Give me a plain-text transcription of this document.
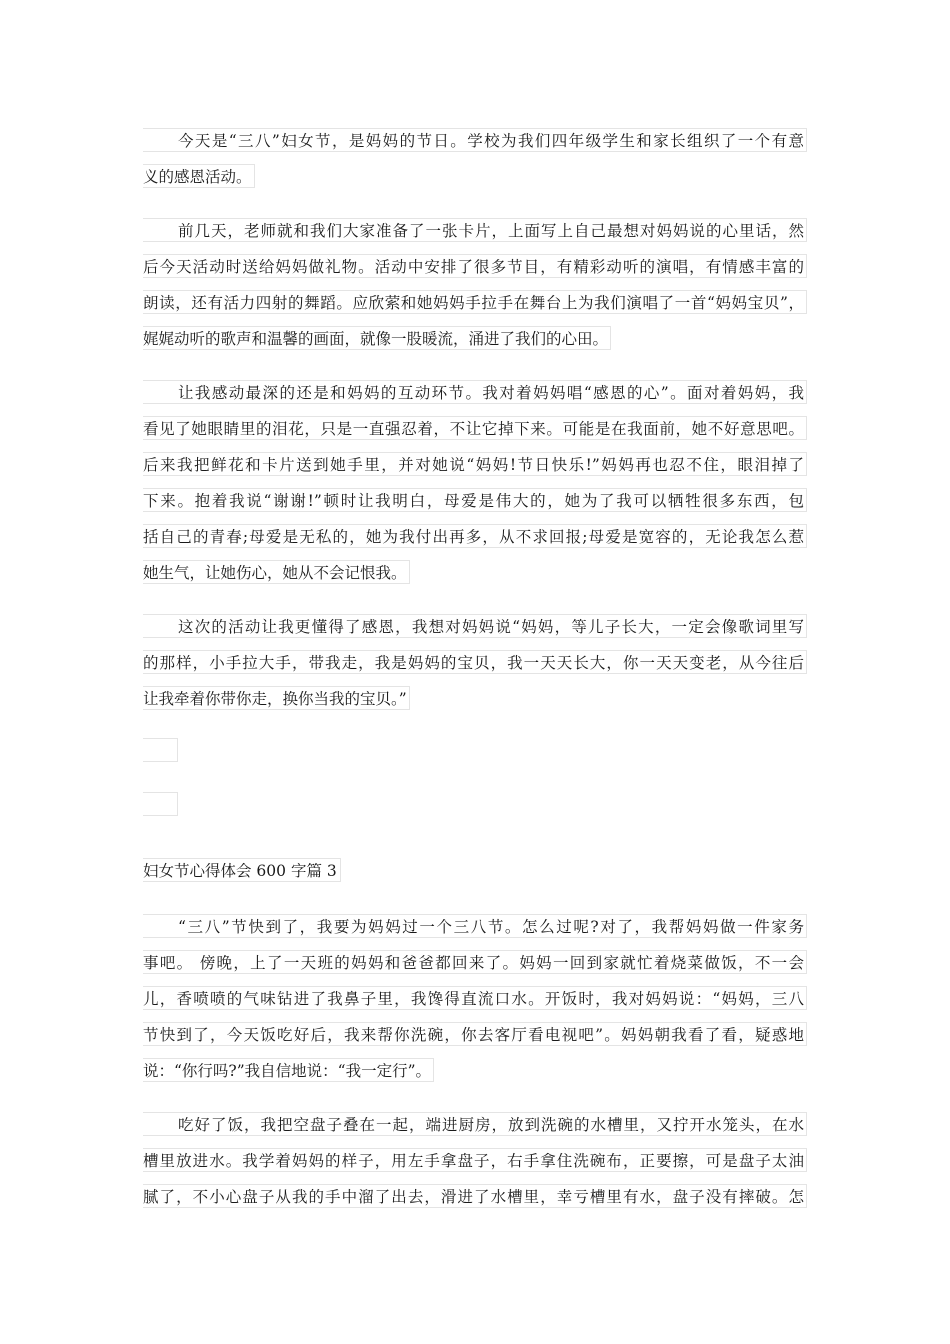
今天是“三八”妇女节，是妈妈的节日。学校为我们四年级学生和家长组织了一个有意
义的感恩活动。
前几天，老师就和我们大家准备了一张卡片，上面写上自己最想对妈妈说的心里话，然
后今天活动时送给妈妈做礼物。活动中安排了很多节目，有精彩动听的演唱，有情感丰富的
朗读，还有活力四射的舞蹈。应欣萦和她妈妈手拉手在舞台上为我们演唱了一首“妈妈宝贝”，
娓娓动听的歌声和温馨的画面，就像一股暖流，涌进了我们的心田。
让我感动最深的还是和妈妈的互动环节。我对着妈妈唱“感恩的心”。面对着妈妈，我
看见了她眼睛里的泪花，只是一直强忍着，不让它掉下来。可能是在我面前，她不好意思吧。
后来我把鲜花和卡片送到她手里，并对她说“妈妈!节日快乐!”妈妈再也忍不住，眼泪掉了
下来。抱着我说“谢谢!”顿时让我明白，母爱是伟大的，她为了我可以牺牲很多东西，包
括自己的青春;母爱是无私的，她为我付出再多，从不求回报;母爱是宽容的，无论我怎么惹
她生气，让她伤心，她从不会记恨我。
这次的活动让我更懂得了感恩，我想对妈妈说“妈妈，等儿子长大，一定会像歌词里写
的那样，小手拉大手，带我走，我是妈妈的宝贝，我一天天长大，你一天天变老，从今往后
让我牵着你带你走，换你当我的宝贝。”
妇女节心得体会 600 字篇 3
“三八”节快到了，我要为妈妈过一个三八节。怎么过呢?对了，我帮妈妈做一件家务
事吧。 傍晚，上了一天班的妈妈和爸爸都回来了。妈妈一回到家就忙着烧菜做饭，不一会
儿，香喷喷的气味钻进了我鼻子里，我馋得直流口水。开饭时，我对妈妈说：“妈妈，三八
节快到了，今天饭吃好后，我来帮你洗碗，你去客厅看电视吧”。妈妈朝我看了看，疑惑地
说：“你行吗?”我自信地说：“我一定行”。
吃好了饭，我把空盘子叠在一起，端进厨房，放到洗碗的水槽里，又拧开水笼头，在水
槽里放进水。我学着妈妈的样子，用左手拿盘子，右手拿住洗碗布，正要擦，可是盘子太油
腻了，不小心盘子从我的手中溜了出去，滑进了水槽里，幸亏槽里有水，盘子没有摔破。怎
